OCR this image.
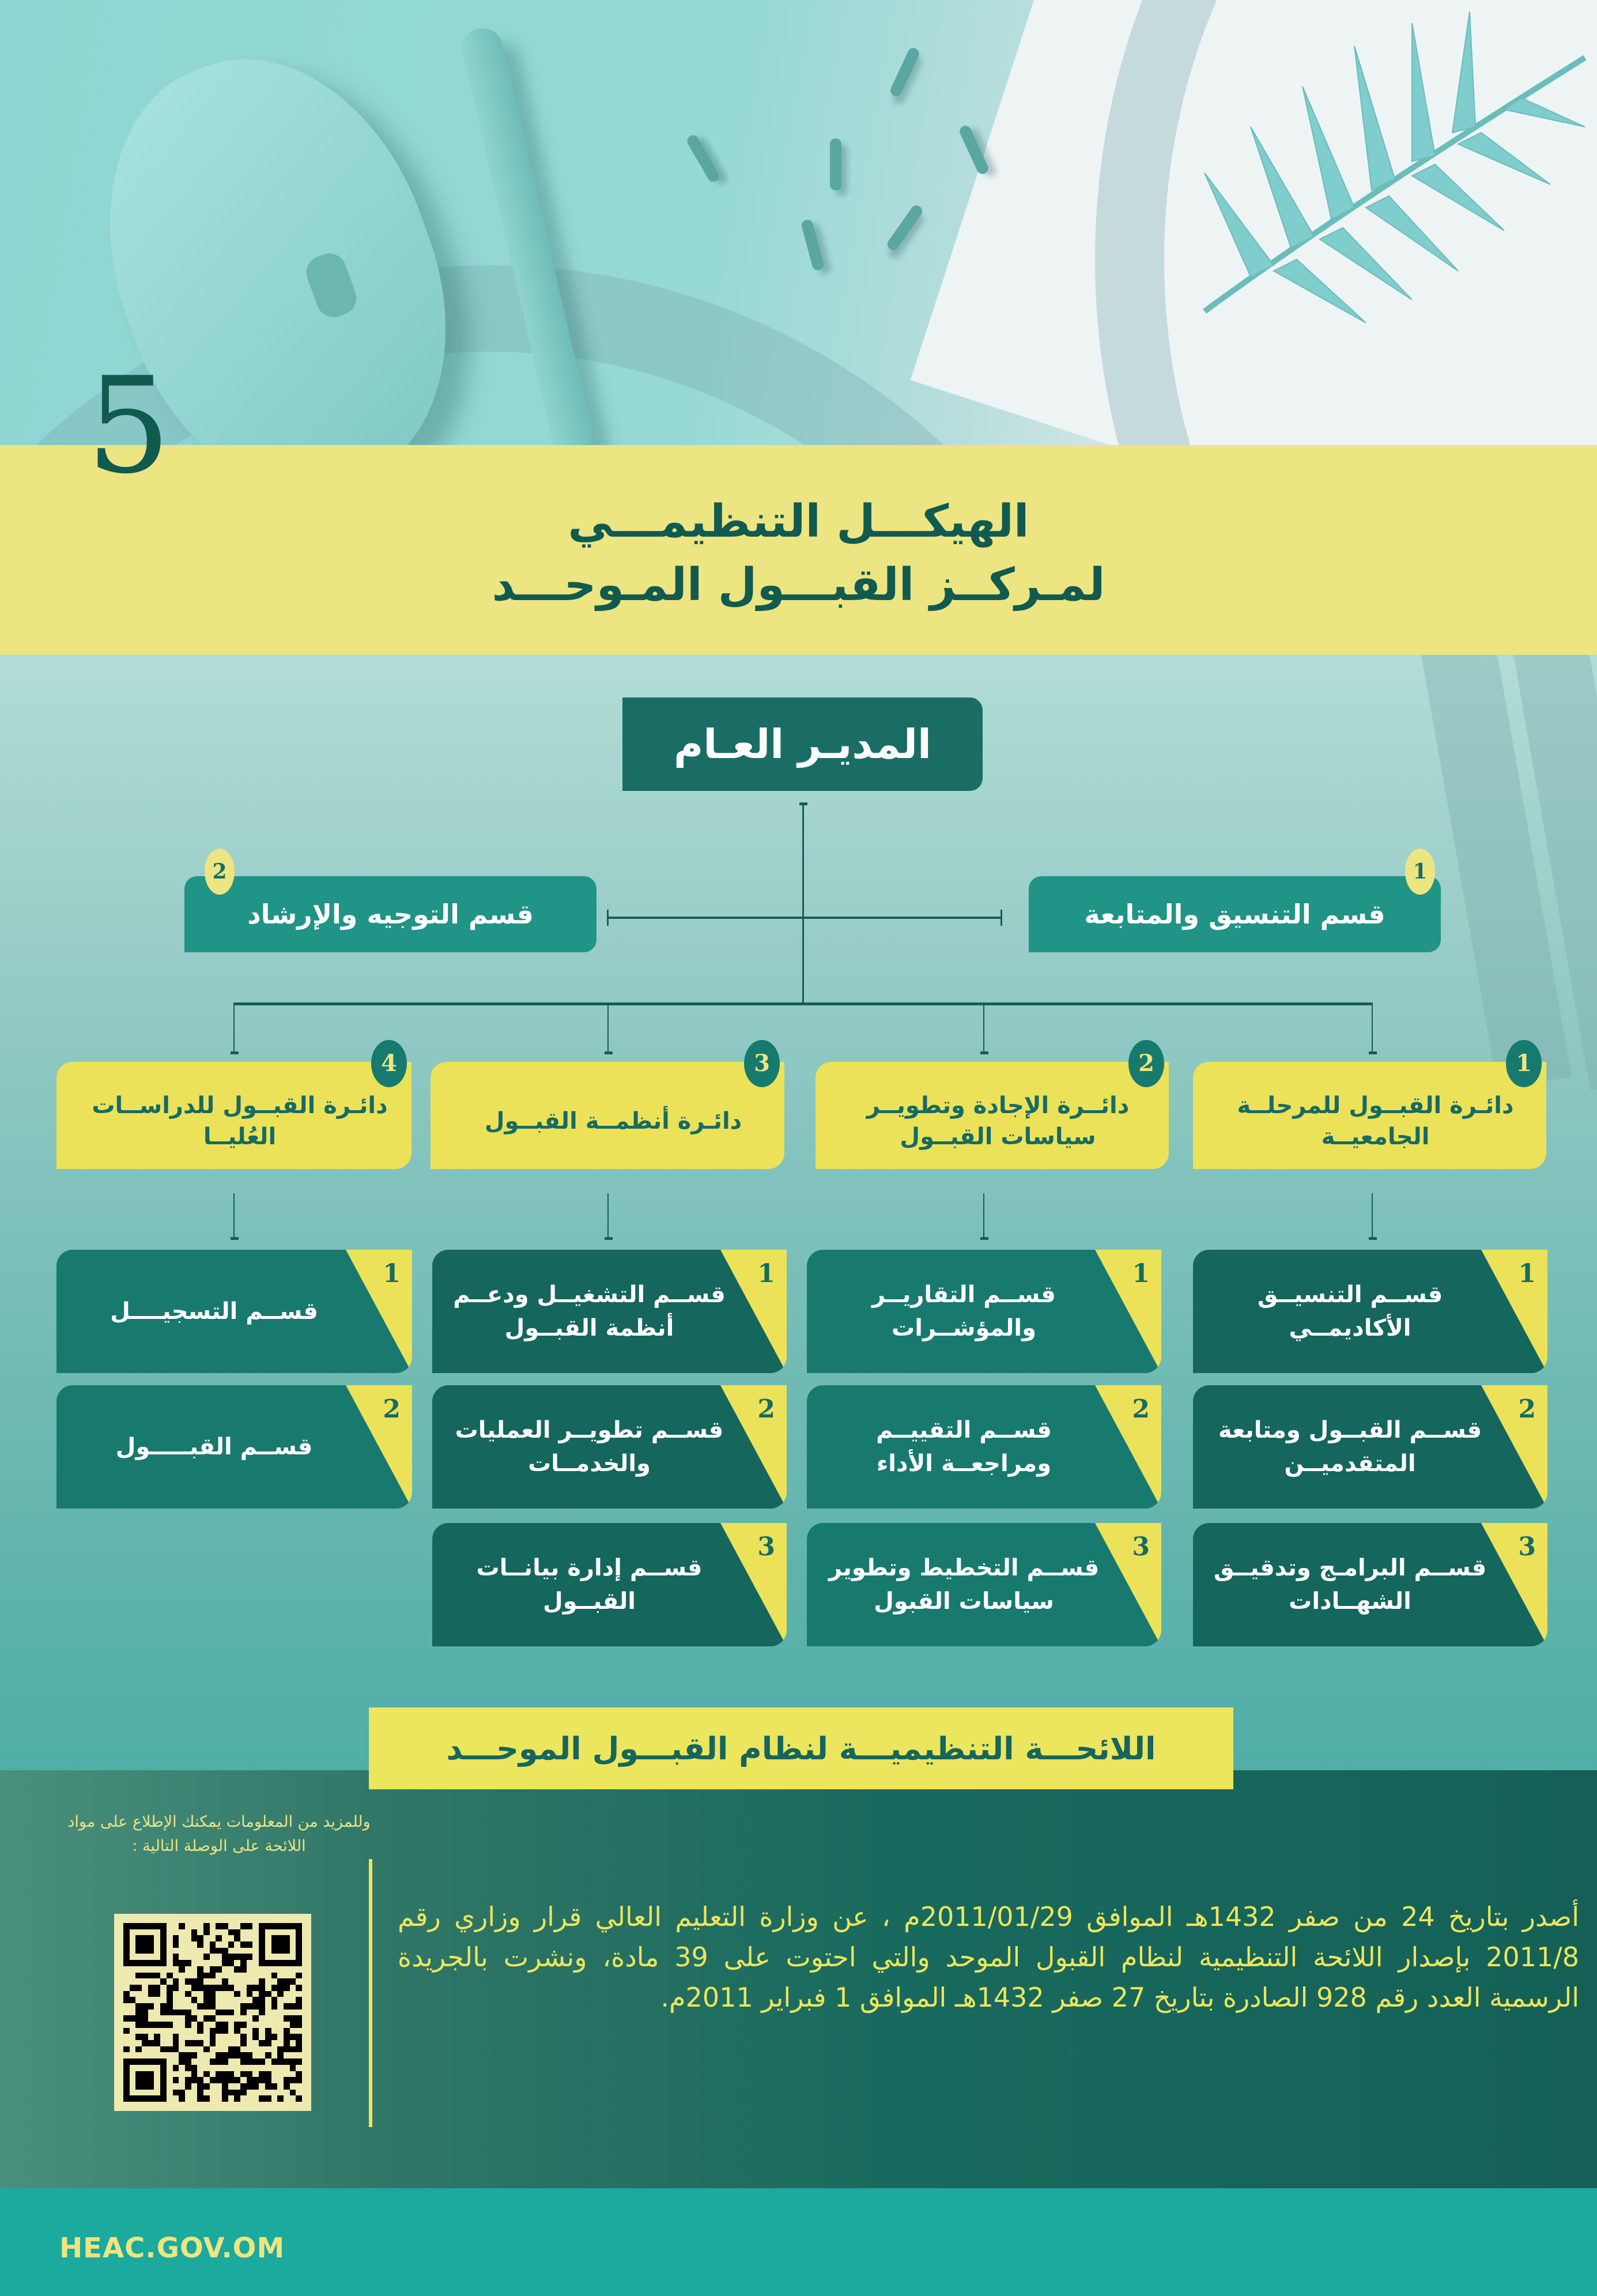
5
الهيكـــل التنظيمـــي
لمـركــز القبـــول المـوحـــد
المديـر العـام
1
قسم التنسيق والمتابعة
2
قسم التوجيه والإرشاد
1
دائـرة القبــول للمرحلــة الجامعيــة
2
دائــرة الإجادة وتطويــر سياسات القبــول
3
دائـرة أنظمــة القبــول
4
دائـرة القبــول للدراســات العُليــا
1
قســم التنسيــق الأكاديمــي
2
قســم القبــول ومتابعة المتقدميــن
3
قســم البرامـج وتدقيــق الشهــادات
1
قســم التقاريــر والمؤشــرات
2
قســم التقييــم ومراجعــة الأداء
3
قســم التخطيط وتطوير سياسات القبول
1
قســم التشغيــل ودعــم أنظمة القبــول
2
قســم تطويــر العمليات والخدمــات
3
قســم إدارة بيانــات القبــول
1
قســم التسجيــــل
2
قســم القبـــــول
اللائحـــة التنظيميـــة لنظام القبـــول الموحـــد
وللمزيد من المعلومات يمكنك الإطلاع على مواد اللائحة على الوصلة التالية :
أصدر بتاريخ 24 من صفر 1432هـ الموافق 2011/01/29م ، عن وزارة التعليم العالي قرار وزاري رقم 2011/8 بإصدار اللائحة التنظيمية لنظام القبول الموحد والتي احتوت على 39 مادة، ونشرت بالجريدة الرسمية العدد رقم 928 الصادرة بتاريخ 27 صفر 1432هـ الموافق 1 فبراير 2011م.
HEAC.GOV.OM
